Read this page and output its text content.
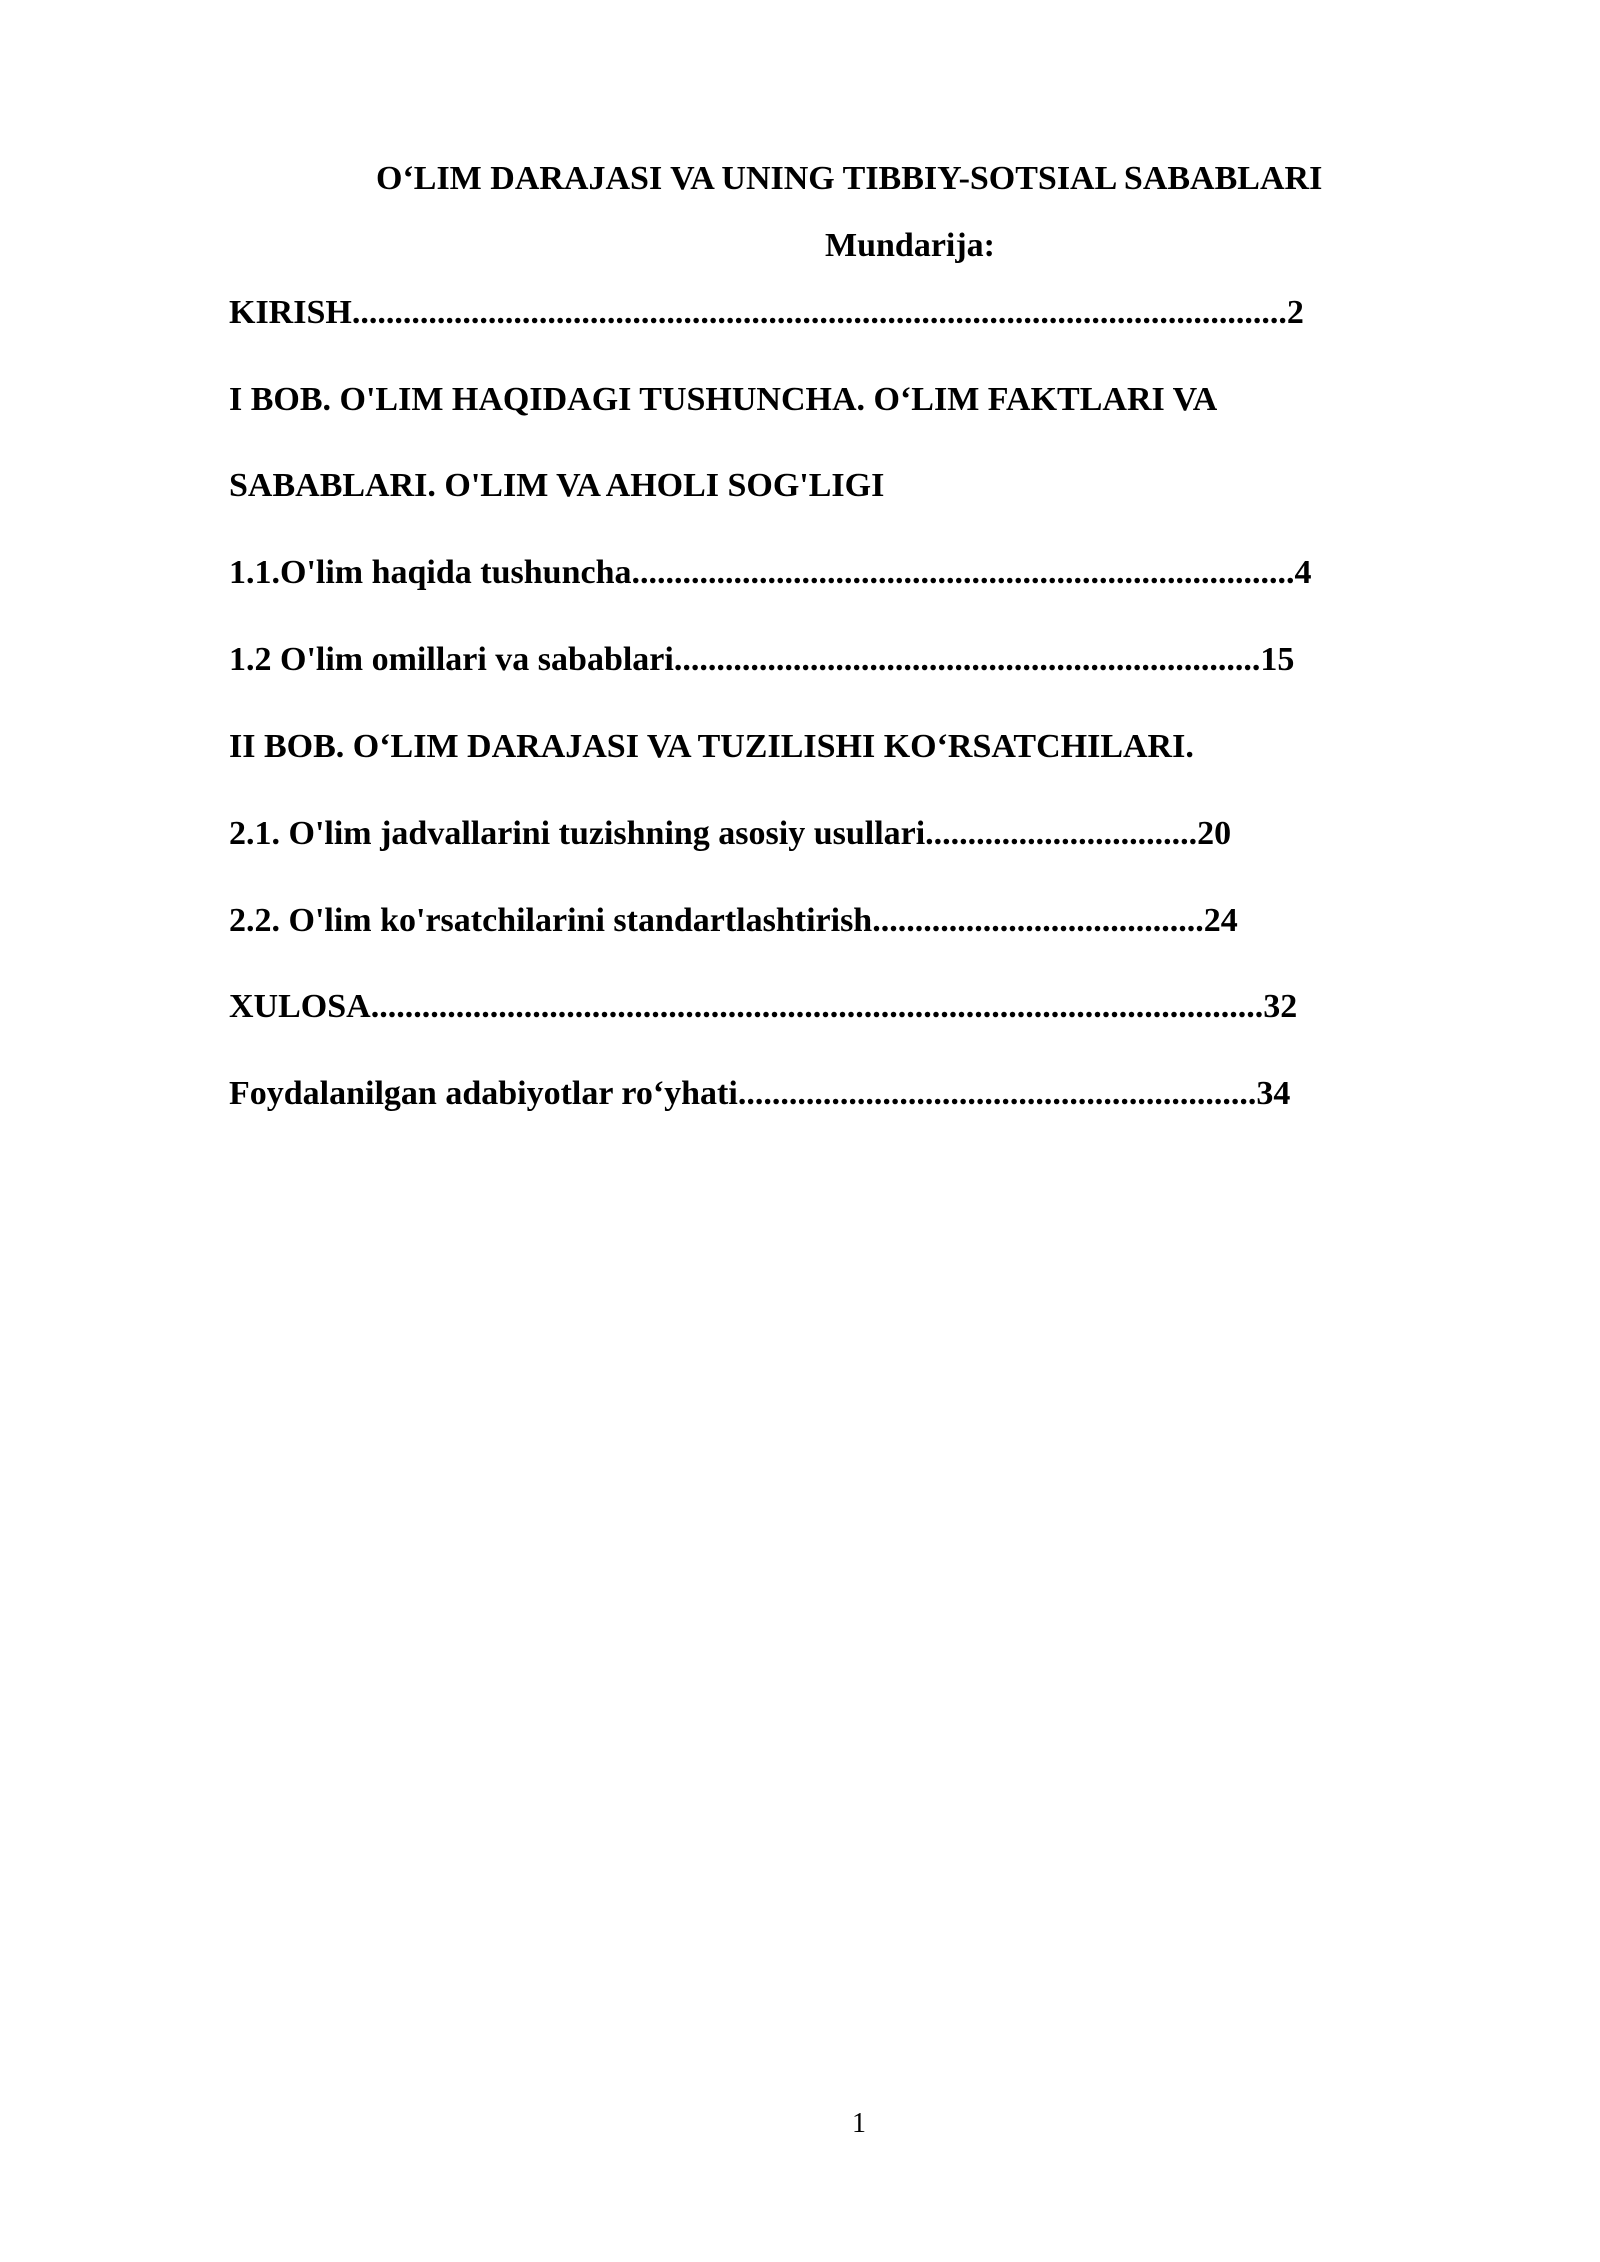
O‘LIM DARAJASI VA UNING TIBBIY-SOTSIAL SABABLARI
Mundarija:
KIRISH..............................................................................................................2
I BOB. O'LIM HAQIDAGI TUSHUNCHA. O‘LIM FAKTLARI VA
SABABLARI. O'LIM VA AHOLI SOG'LIGI
1.1.O'lim haqida tushuncha..............................................................................4
1.2 O'lim omillari va sabablari.....................................................................15
II BOB. O‘LIM DARAJASI VA TUZILISHI KO‘RSATCHILARI.
2.1. O'lim jadvallarini tuzishning asosiy usullari................................20
2.2. O'lim ko'rsatchilarini standartlashtirish.......................................24
XULOSA.........................................................................................................32
Foydalanilgan adabiyotlar ro‘yhati.............................................................34
1
